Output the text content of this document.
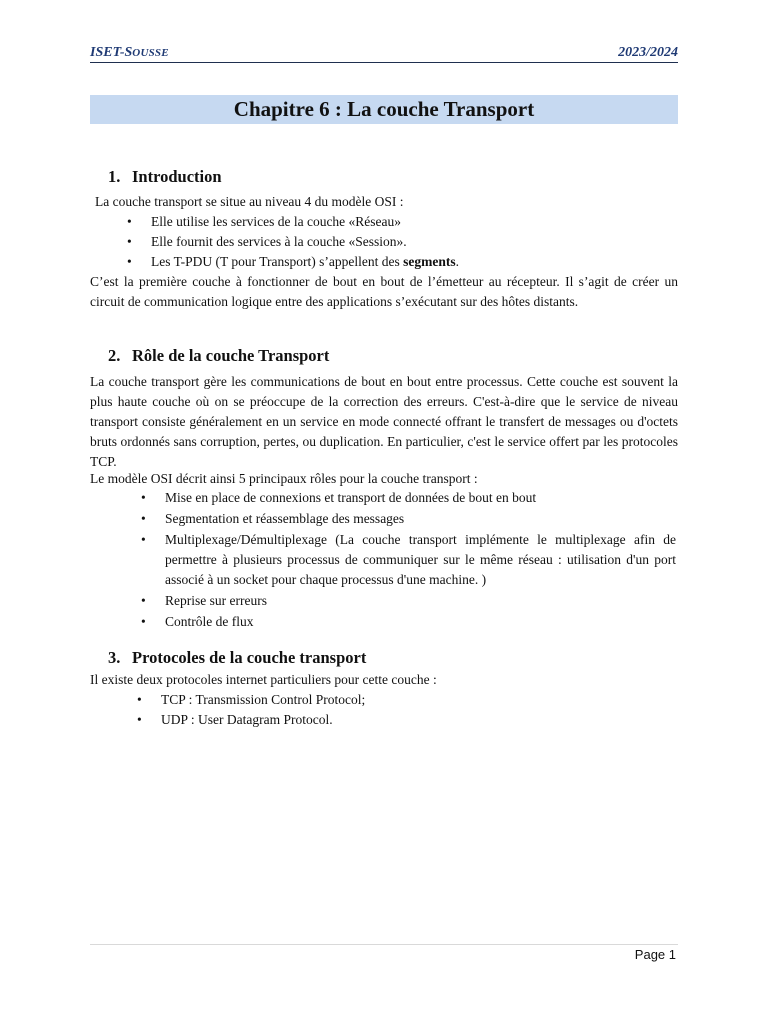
ISET-SOUSSE	2023/2024
Chapitre 6 : La couche Transport
1. Introduction
La couche transport se situe au niveau 4 du modèle OSI :
• Elle utilise les services de la couche «Réseau»
• Elle fournit des services à la couche «Session».
• Les T-PDU (T pour Transport) s’appellent des segments.
C’est la première couche à fonctionner de bout en bout de l’émetteur au récepteur. Il s’agit de créer un circuit de communication logique entre des applications s’exécutant sur des hôtes distants.
2. Rôle de la couche Transport
La couche transport gère les communications de bout en bout entre processus. Cette couche est souvent la plus haute couche où on se préoccupe de la correction des erreurs. C'est-à-dire que le service de niveau transport consiste généralement en un service en mode connecté offrant le transfert de messages ou d'octets bruts ordonnés sans corruption, pertes, ou duplication. En particulier, c'est le service offert par les protocoles TCP.
Le modèle OSI décrit ainsi 5 principaux rôles pour la couche transport :
• Mise en place de connexions et transport de données de bout en bout
• Segmentation et réassemblage des messages
• Multiplexage/Démultiplexage (La couche transport implémente le multiplexage afin de permettre à plusieurs processus de communiquer sur le même réseau : utilisation d'un port associé à un socket pour chaque processus d'une machine. )
• Reprise sur erreurs
• Contrôle de flux
3. Protocoles de la couche transport
Il existe deux protocoles internet particuliers pour cette couche :
• TCP : Transmission Control Protocol;
• UDP : User Datagram Protocol.
Page 1
